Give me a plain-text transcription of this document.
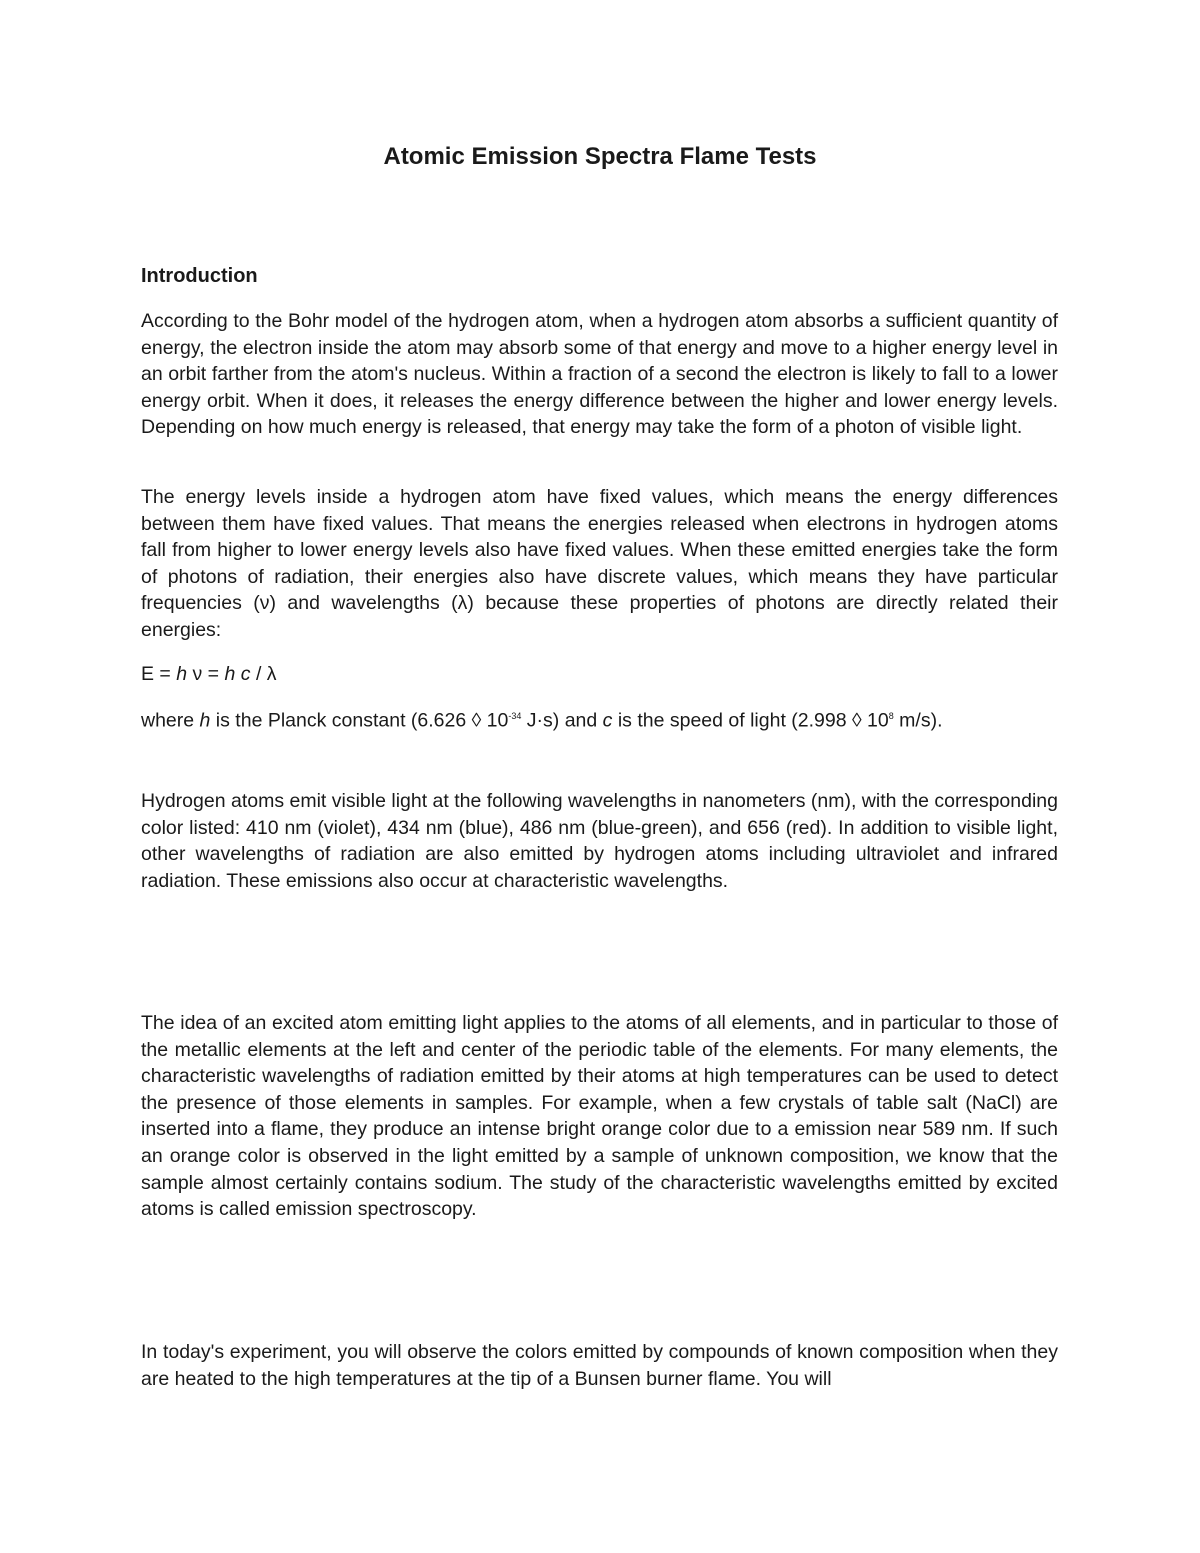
Atomic Emission Spectra Flame Tests
Introduction

According to the Bohr model of the hydrogen atom, when a hydrogen atom absorbs a sufficient quantity of energy, the electron inside the atom may absorb some of that energy and move to a higher energy level in an orbit farther from the atom's nucleus. Within a fraction of a second the electron is likely to fall to a lower energy orbit. When it does, it releases the energy difference between the higher and lower energy levels. Depending on how much energy is released, that energy may take the form of a photon of visible light.

The energy levels inside a hydrogen atom have fixed values, which means the energy differences between them have fixed values. That means the energies released when electrons in hydrogen atoms fall from higher to lower energy levels also have fixed values. When these emitted energies take the form of photons of radiation, their energies also have discrete values, which means they have particular frequencies (ν) and wavelengths (λ) because these properties of photons are directly related their energies:

E = h ν = h c / λ

where h is the Planck constant (6.626 ◊ $10^{-34}$ J·s) and c is the speed of light (2.998 ◊ $10^8$ m/s).

Hydrogen atoms emit visible light at the following wavelengths in nanometers (nm), with the corresponding color listed: 410 nm (violet), 434 nm (blue), 486 nm (blue-green), and 656 (red). In addition to visible light, other wavelengths of radiation are also emitted by hydrogen atoms including ultraviolet and infrared radiation. These emissions also occur at characteristic wavelengths.

The idea of an excited atom emitting light applies to the atoms of all elements, and in particular to those of the metallic elements at the left and center of the periodic table of the elements. For many elements, the characteristic wavelengths of radiation emitted by their atoms at high temperatures can be used to detect the presence of those elements in samples. For example, when a few crystals of table salt (NaCl) are inserted into a flame, they produce an intense bright orange color due to a emission near 589 nm. If such an orange color is observed in the light emitted by a sample of unknown composition, we know that the sample almost certainly contains sodium. The study of the characteristic wavelengths emitted by excited atoms is called emission spectroscopy.

In today's experiment, you will observe the colors emitted by compounds of known composition when they are heated to the high temperatures at the tip of a Bunsen burner flame. You will
